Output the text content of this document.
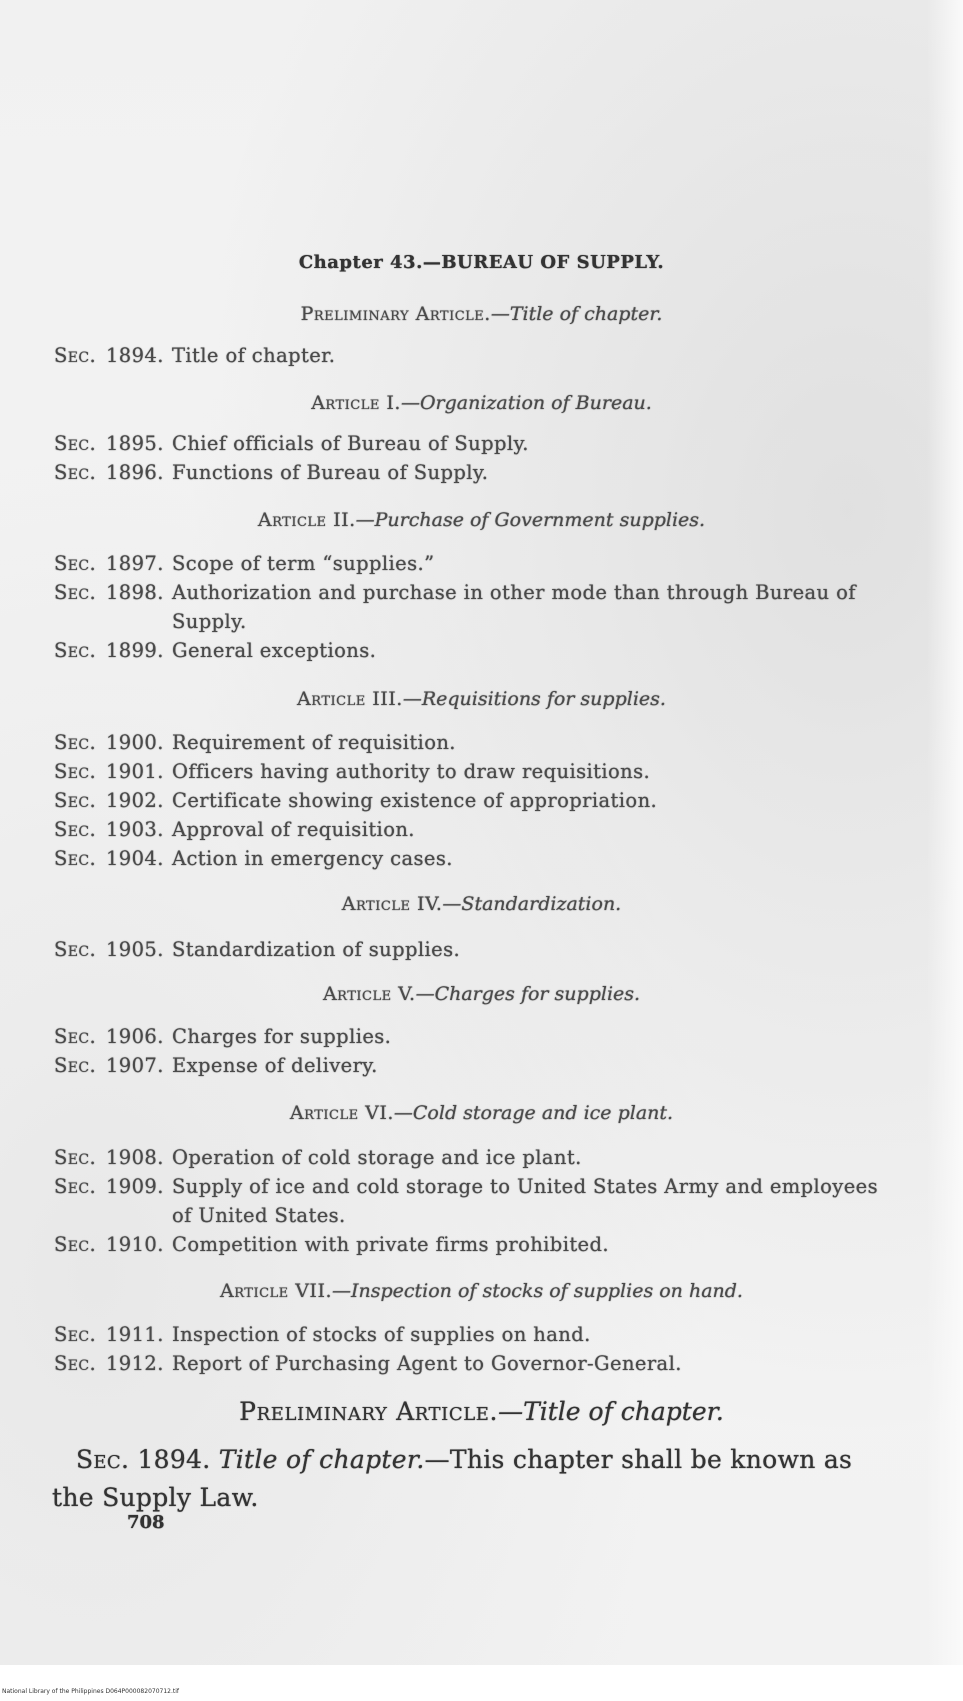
Chapter 43.—BUREAU OF SUPPLY.
Preliminary Article.—Title of chapter.
Sec. 1894. Title of chapter.
Article I.—Organization of Bureau.
Sec. 1895. Chief officials of Bureau of Supply.
Sec. 1896. Functions of Bureau of Supply.
Article II.—Purchase of Government supplies.
Sec. 1897. Scope of term “supplies.”
Sec. 1898. Authorization and purchase in other mode than through Bureau of Supply.
Sec. 1899. General exceptions.
Article III.—Requisitions for supplies.
Sec. 1900. Requirement of requisition.
Sec. 1901. Officers having authority to draw requisitions.
Sec. 1902. Certificate showing existence of appropriation.
Sec. 1903. Approval of requisition.
Sec. 1904. Action in emergency cases.
Article IV.—Standardization.
Sec. 1905. Standardization of supplies.
Article V.—Charges for supplies.
Sec. 1906. Charges for supplies.
Sec. 1907. Expense of delivery.
Article VI.—Cold storage and ice plant.
Sec. 1908. Operation of cold storage and ice plant.
Sec. 1909. Supply of ice and cold storage to United States Army and employees of United States.
Sec. 1910. Competition with private firms prohibited.
Article VII.—Inspection of stocks of supplies on hand.
Sec. 1911. Inspection of stocks of supplies on hand.
Sec. 1912. Report of Purchasing Agent to Governor-General.
Preliminary Article.—Title of chapter.
Sec. 1894. Title of chapter.—This chapter shall be known as the Supply Law.
708
National Library of the Philippines D064P000082070712.tif
